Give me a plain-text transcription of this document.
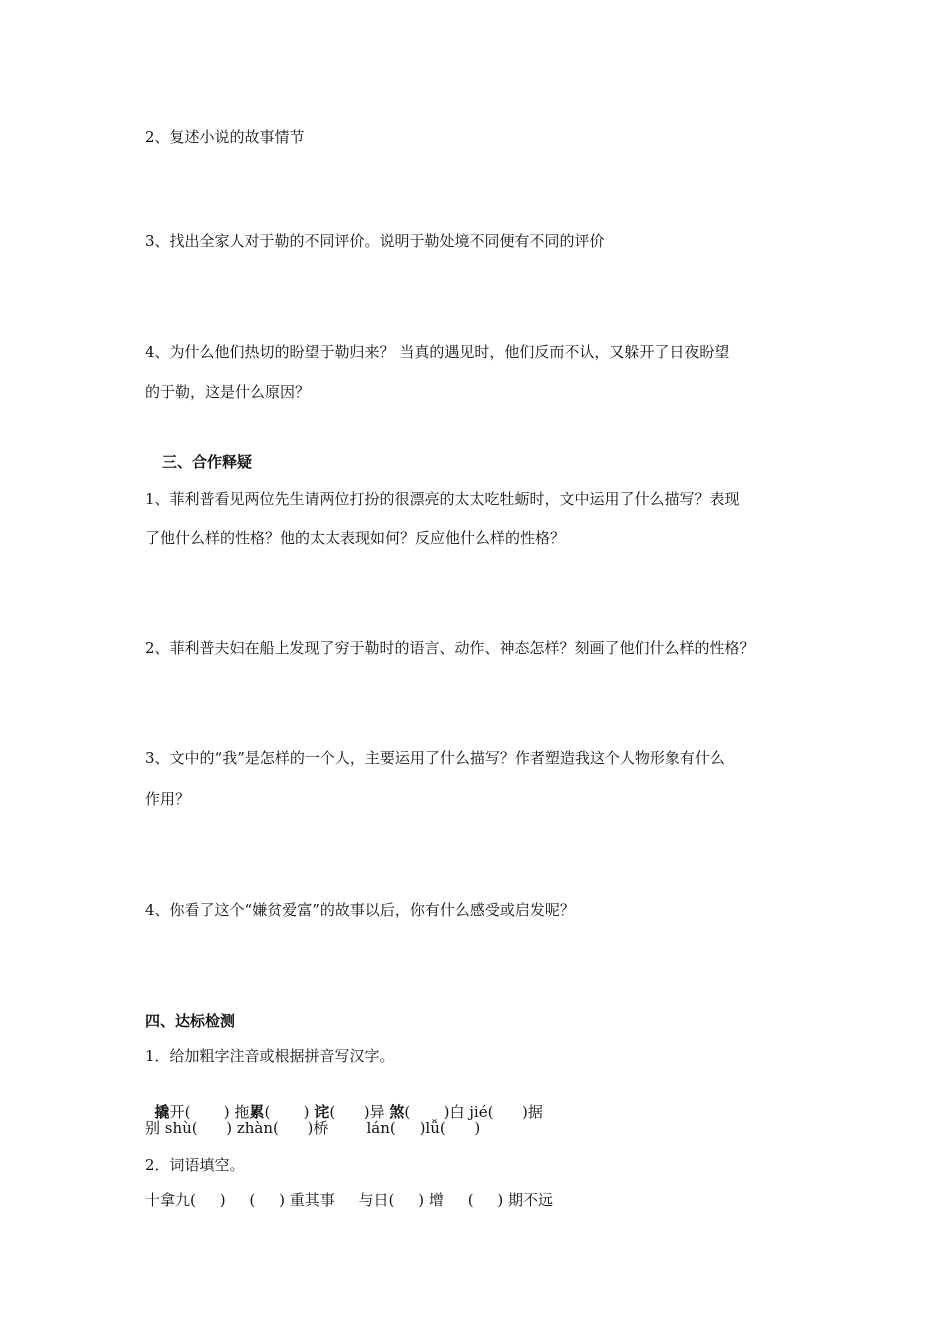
2、复述小说的故事情节
3、找出全家人对于勒的不同评价。说明于勒处境不同便有不同的评价
4、为什么他们热切的盼望于勒归来？ 当真的遇见时，他们反而不认，又躲开了日夜盼望
的于勒，这是什么原因？
三、合作释疑
1、菲利普看见两位先生请两位打扮的很漂亮的太太吃牡蛎时，文中运用了什么描写？表现
了他什么样的性格？他的太太表现如何？反应他什么样的性格？
2、菲利普夫妇在船上发现了穷于勒时的语言、动作、神态怎样？刻画了他们什么样的性格？
3、文中的“我”是怎样的一个人，主要运用了什么描写？作者塑造我这个人物形象有什么
作用？
4、你看了这个“嫌贫爱富”的故事以后，你有什么感受或启发呢？
四、达标检测
1．给加粗字注音或根据拼音写汉字。

撬开(       ) 拖累(       ) 诧(      )异 煞(       )白 jié(      )据

别 shù(      ) zhàn(      )桥        lán(     )lǚ(      )
2．词语填空。
十拿九(     )     (     ) 重其事     与日(     ) 增     (     ) 期不远
